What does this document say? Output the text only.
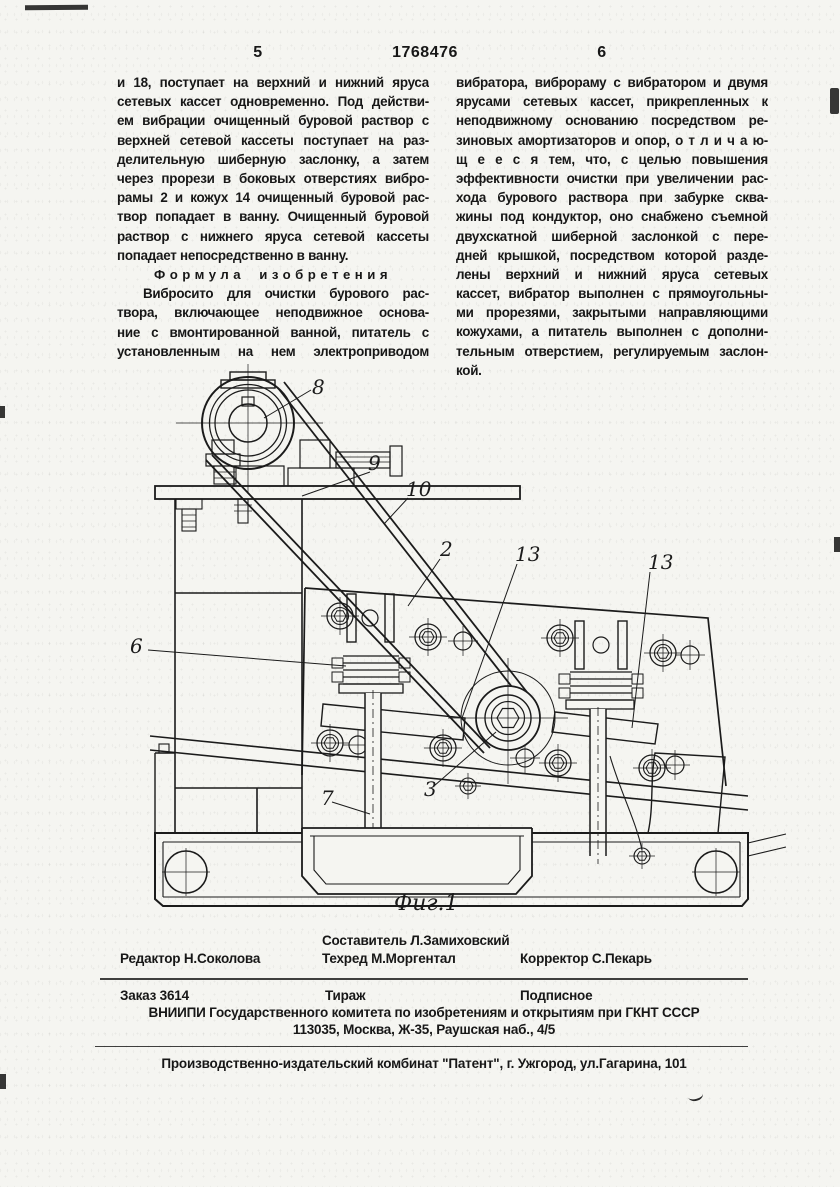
5	1768476	6
и 18, поступает на верхний и нижний яруса
сетевых кассет одновременно. Под действи-
ем вибрации очищенный буровой раствор с
верхней сетевой кассеты поступает на раз-
делительную шиберную заслонку, а затем
через прорези в боковых отверстиях вибро-
рамы 2 и кожух 14 очищенный буровой рас-
твор попадает в ванну. Очищенный буровой
раствор с нижнего яруса сетевой кассеты
попадает непосредственно в ванну.
Формула изобретения
Вибросито для очистки бурового рас-
твора, включающее неподвижное основа-
ние с вмонтированной ванной, питатель с
установленным на нем электроприводом
вибратора, виброраму с вибратором и двумя
ярусами сетевых кассет, прикрепленных к
неподвижному основанию посредством ре-
зиновых амортизаторов и опор, о т л и ч а ю-
щ е е с я тем, что, с целью повышения
эффективности очистки при увеличении рас-
хода бурового раствора при забурке сква-
жины под кондуктор, оно снабжено съемной
двухскатной шиберной заслонкой с пере-
дней крышкой, посредством которой разде-
лены верхний и нижний яруса сетевых
кассет, вибратор выполнен с прямоугольны-
ми прорезями, закрытыми направляющими
кожухами, а питатель выполнен с дополни-
тельным отверстием, регулируемым заслон-
кой.
8
9
10
2	13	13
6
7	3
Фиг.1
Составитель Л.Замиховский
Редактор Н.Соколова	Техред М.Моргентал	Корректор С.Пекарь
Заказ 3614	Тираж	Подписное
ВНИИПИ Государственного комитета по изобретениям и открытиям при ГКНТ СССР
113035, Москва, Ж-35, Раушская наб., 4/5
Производственно-издательский комбинат "Патент", г. Ужгород, ул.Гагарина, 101
